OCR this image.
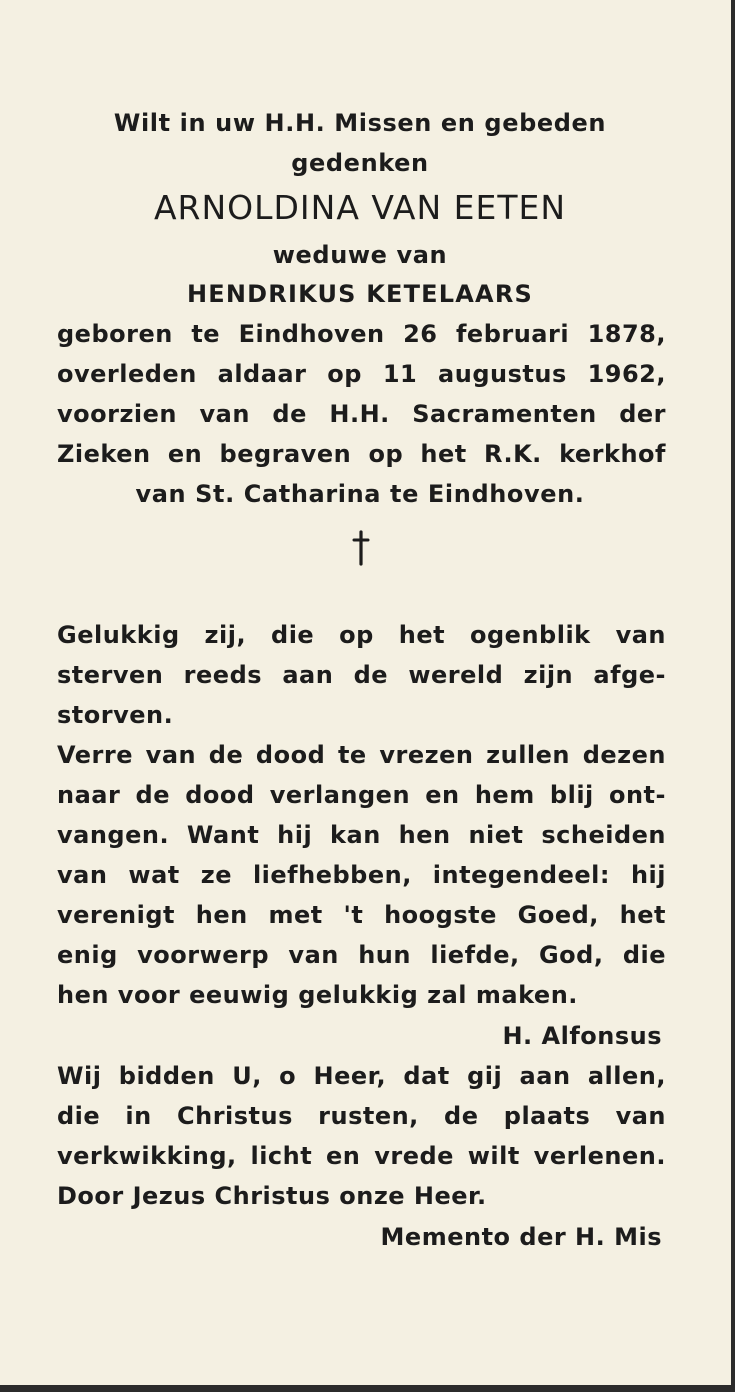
Wilt in uw H.H. Missen en gebeden
gedenken
ARNOLDINA VAN EETEN
weduwe van
HENDRIKUS KETELAARS
geboren te Eindhoven 26 februari 1878,
overleden aldaar op 11 augustus 1962,
voorzien van de H.H. Sacramenten der
Zieken en begraven op het R.K. kerkhof
van St. Catharina te Eindhoven.
Gelukkig zij, die op het ogenblik van
sterven reeds aan de wereld zijn afge-
storven.
Verre van de dood te vrezen zullen dezen
naar de dood verlangen en hem blij ont-
vangen. Want hij kan hen niet scheiden
van wat ze liefhebben, integendeel: hij
verenigt hen met 't hoogste Goed, het
enig voorwerp van hun liefde, God, die
hen voor eeuwig gelukkig zal maken.
H. Alfonsus
Wij bidden U, o Heer, dat gij aan allen,
die in Christus rusten, de plaats van
verkwikking, licht en vrede wilt verlenen.
Door Jezus Christus onze Heer.
Memento der H. Mis
